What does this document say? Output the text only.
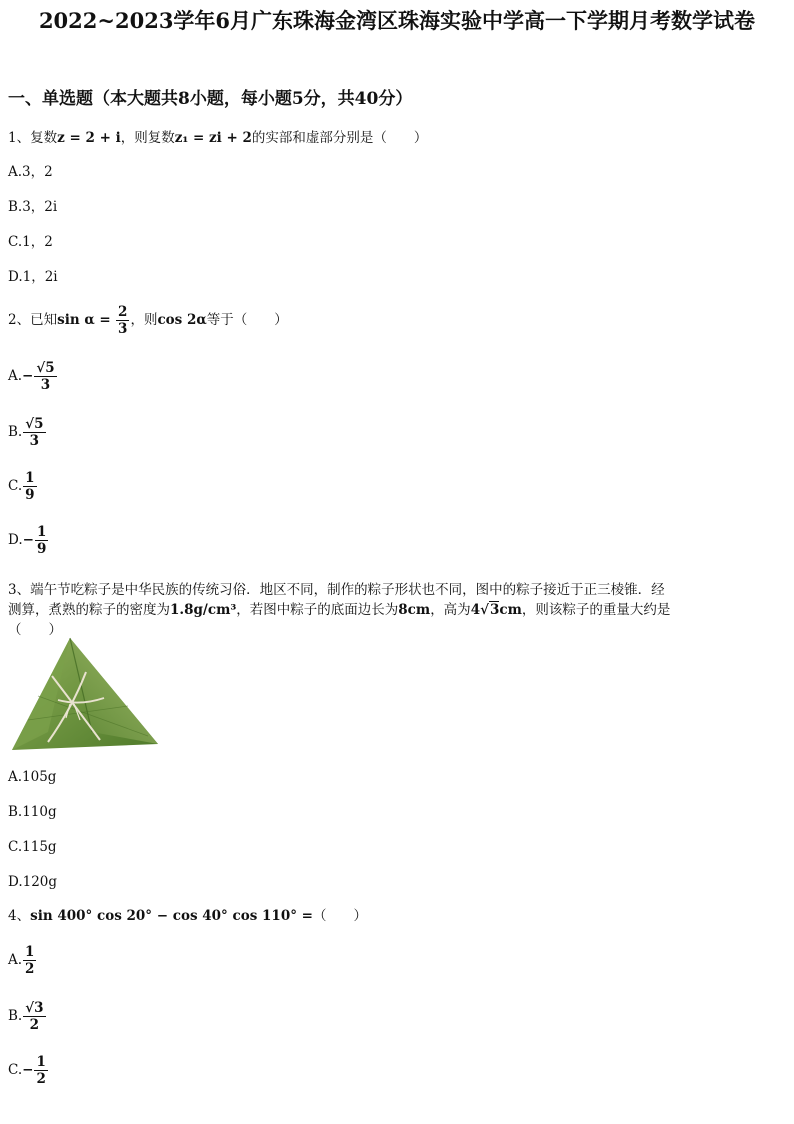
2022~2023学年6月广东珠海金湾区珠海实验中学高一下学期月考数学试卷
一、单选题（本大题共8小题，每小题5分，共40分）
1、复数z = 2 + i，则复数z₁ = zi + 2的实部和虚部分别是（　　）
A.3，2
B.3，2i
C.1，2
D.1，2i
2、已知$\sin \alpha = \frac{2}{3}$ ，则cos 2α等于（　　）
$A.- \frac{√5}{3}$
B. $\frac{√5}{3}$
C. $\frac{1}{9}$
$D.- \frac{1}{9}$
3、端午节吃粽子是中华民族的传统习俗．地区不同，制作的粽子形状也不同，图中的粽子接近于正三棱锥．经
测算，煮熟的粽子的密度为1.8g/cm³，若图中粽子的底面边长为8cm，高为4√3cm，则该粽子的重量大约是
（　　）
A.105g
B.110g
C.115g
D.120g
4、sin 400° cos 20° − cos 40° cos 110° =（　　）
A. $\frac{1}{2}$
B. $\frac{√3}{2}$
$C.- \frac{1}{2}$
